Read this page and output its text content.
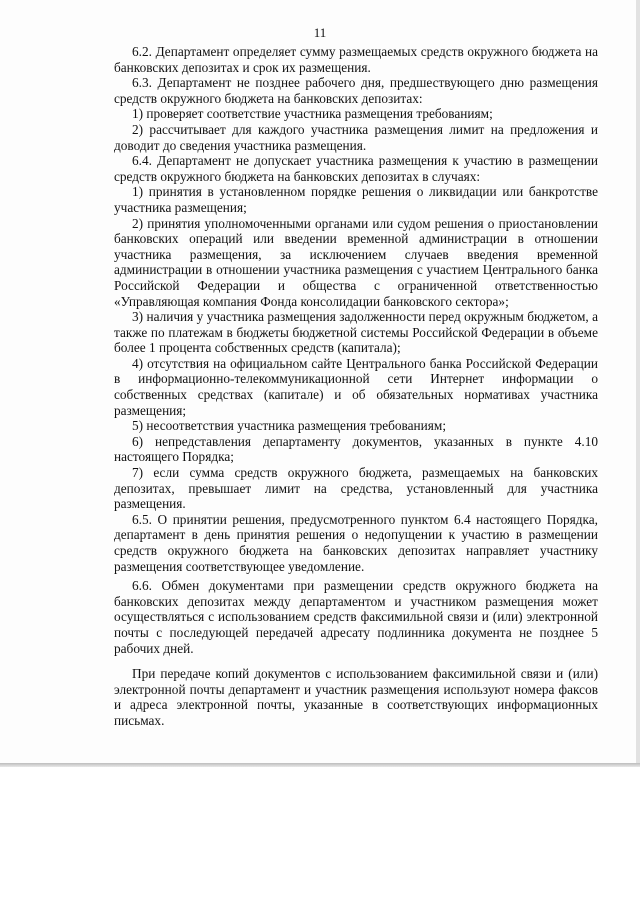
11

6.2. Департамент определяет сумму размещаемых средств окружного бюджета на банковских депозитах и срок их размещения.

6.3. Департамент не позднее рабочего дня, предшествующего дню размещения средств окружного бюджета на банковских депозитах:

1) проверяет соответствие участника размещения требованиям;

2) рассчитывает для каждого участника размещения лимит на предложения и доводит до сведения участника размещения.

6.4. Департамент не допускает участника размещения к участию в размещении средств окружного бюджета на банковских депозитах в случаях:

1) принятия в установленном порядке решения о ликвидации или банкротстве участника размещения;

2) принятия уполномоченными органами или судом решения о приостановлении банковских операций или введении временной администрации в отношении участника размещения, за исключением случаев введения временной администрации в отношении участника размещения с участием Центрального банка Российской Федерации и общества с ограниченной ответственностью «Управляющая компания Фонда консолидации банковского сектора»;

3) наличия у участника размещения задолженности перед окружным бюджетом, а также по платежам в бюджеты бюджетной системы Российской Федерации в объеме более 1 процента собственных средств (капитала);

4) отсутствия на официальном сайте Центрального банка Российской Федерации в информационно-телекоммуникационной сети Интернет информации о собственных средствах (капитале) и об обязательных нормативах участника размещения;

5) несоответствия участника размещения требованиям;

6) непредставления департаменту документов, указанных в пункте 4.10 настоящего Порядка;

7) если сумма средств окружного бюджета, размещаемых на банковских депозитах, превышает лимит на средства, установленный для участника размещения.

6.5. О принятии решения, предусмотренного пунктом 6.4 настоящего Порядка, департамент в день принятия решения о недопущении к участию в размещении средств окружного бюджета на банковских депозитах направляет участнику размещения соответствующее уведомление.

6.6. Обмен документами при размещении средств окружного бюджета на банковских депозитах между департаментом и участником размещения может осуществляться с использованием средств факсимильной связи и (или) электронной почты с последующей передачей адресату подлинника документа не позднее 5 рабочих дней.

При передаче копий документов с использованием факсимильной связи и (или) электронной почты департамент и участник размещения используют номера факсов и адреса электронной почты, указанные в соответствующих информационных письмах.
